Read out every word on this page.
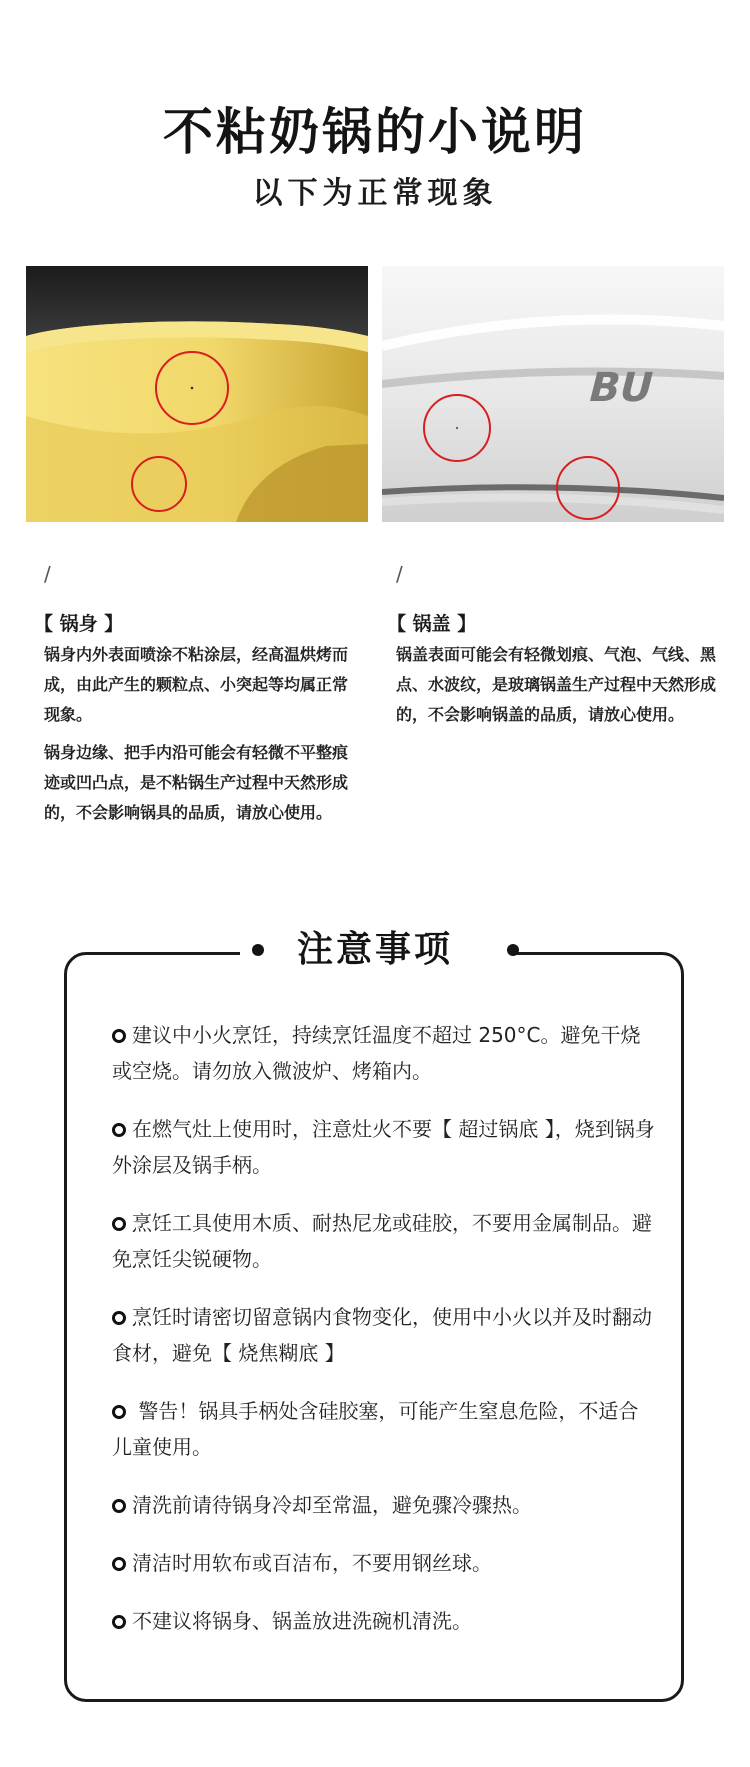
不粘奶锅的小说明
以下为正常现象
BU
/
【 锅身 】
锅身内外表面喷涂不粘涂层，经高温烘烤而成，由此产生的颗粒点、小突起等均属正常现象。
锅身边缘、把手内沿可能会有轻微不平整痕迹或凹凸点，是不粘锅生产过程中天然形成的，不会影响锅具的品质，请放心使用。
/
【 锅盖 】
锅盖表面可能会有轻微划痕、气泡、气线、黑点、水波纹，是玻璃锅盖生产过程中天然形成的，不会影响锅盖的品质，请放心使用。
注意事项
建议中小火烹饪，持续烹饪温度不超过 250°C。避免干烧或空烧。请勿放入微波炉、烤箱内。
在燃气灶上使用时，注意灶火不要【 超过锅底 】，烧到锅身外涂层及锅手柄。
烹饪工具使用木质、耐热尼龙或硅胶，不要用金属制品。避免烹饪尖锐硬物。
烹饪时请密切留意锅内食物变化，使用中小火以并及时翻动食材，避免【 烧焦糊底 】
警告！锅具手柄处含硅胶塞，可能产生窒息危险，不适合儿童使用。
清洗前请待锅身冷却至常温，避免骤冷骤热。
清洁时用软布或百洁布，不要用钢丝球。
不建议将锅身、锅盖放进洗碗机清洗。
